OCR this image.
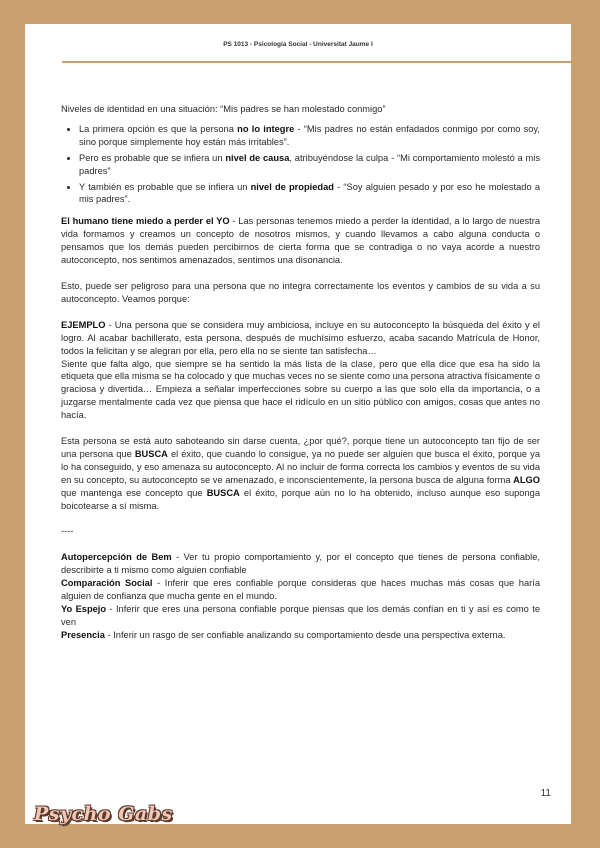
PS 1013 - Psicología Social - Universitat Jaume I

Niveles de identidad en una situación: “Mis padres se han molestado conmigo”

• La primera opción es que la persona no lo integre - “Mis padres no están enfadados conmigo por como soy, sino porque simplemente hoy están más irritables”.
• Pero es probable que se infiera un nivel de causa, atribuyéndose la culpa - “Mi comportamiento molestó a mis padres”
• Y también es probable que se infiera un nivel de propiedad - “Soy alguien pesado y por eso he molestado a mis padres”.

El humano tiene miedo a perder el YO - Las personas tenemos miedo a perder la identidad, a lo largo de nuestra vida formamos y creamos un concepto de nosotros mismos, y cuando llevamos a cabo alguna conducta o pensamos que los demás pueden percibirnos de cierta forma que se contradiga o no vaya acorde a nuestro autoconcepto, nos sentimos amenazados, sentimos una disonancia.

Esto, puede ser peligroso para una persona que no integra correctamente los eventos y cambios de su vida a su autoconcepto. Veamos porque:

EJEMPLO - Una persona que se considera muy ambiciosa, incluye en su autoconcepto la búsqueda del éxito y el logro. Al acabar bachillerato, esta persona, después de muchísimo esfuerzo, acaba sacando Matrícula de Honor, todos la felicitan y se alegran por ella, pero ella no se siente tan satisfecha…

Siente que falta algo, que siempre se ha sentido la más lista de la clase, pero que ella dice que esa ha sido la etiqueta que ella misma se ha colocado y que muchas veces no se siente como una persona atractiva físicamente o graciosa y divertida… Empieza a señalar imperfecciones sobre su cuerpo a las que solo ella da importancia, o a juzgarse mentalmente cada vez que piensa que hace el ridículo en un sitio público con amigos, cosas que antes no hacía.

Esta persona se está auto saboteando sin darse cuenta, ¿por qué?, porque tiene un autoconcepto tan fijo de ser una persona que BUSCA el éxito, que cuando lo consigue, ya no puede ser alguien que busca el éxito, porque ya lo ha conseguido, y eso amenaza su autoconcepto. Al no incluir de forma correcta los cambios y eventos de su vida en su concepto, su autoconcepto se ve amenazado, e inconscientemente, la persona busca de alguna forma ALGO que mantenga ese concepto que BUSCA el éxito, porque aún no lo ha obtenido, incluso aunque eso suponga boicotearse a sí misma.

----

Autopercepción de Bem - Ver tu propio comportamiento y, por el concepto que tienes de persona confiable, describirte a ti mismo como alguien confiable

Comparación Social - Inferir que eres confiable porque consideras que haces muchas más cosas que haría alguien de confianza que mucha gente en el mundo.

Yo Espejo - Inferir que eres una persona confiable porque piensas que los demás confían en ti y así es como te ven

Presencia - Inferir un rasgo de ser confiable analizando su comportamiento desde una perspectiva externa.

11
Psycho Gabs
